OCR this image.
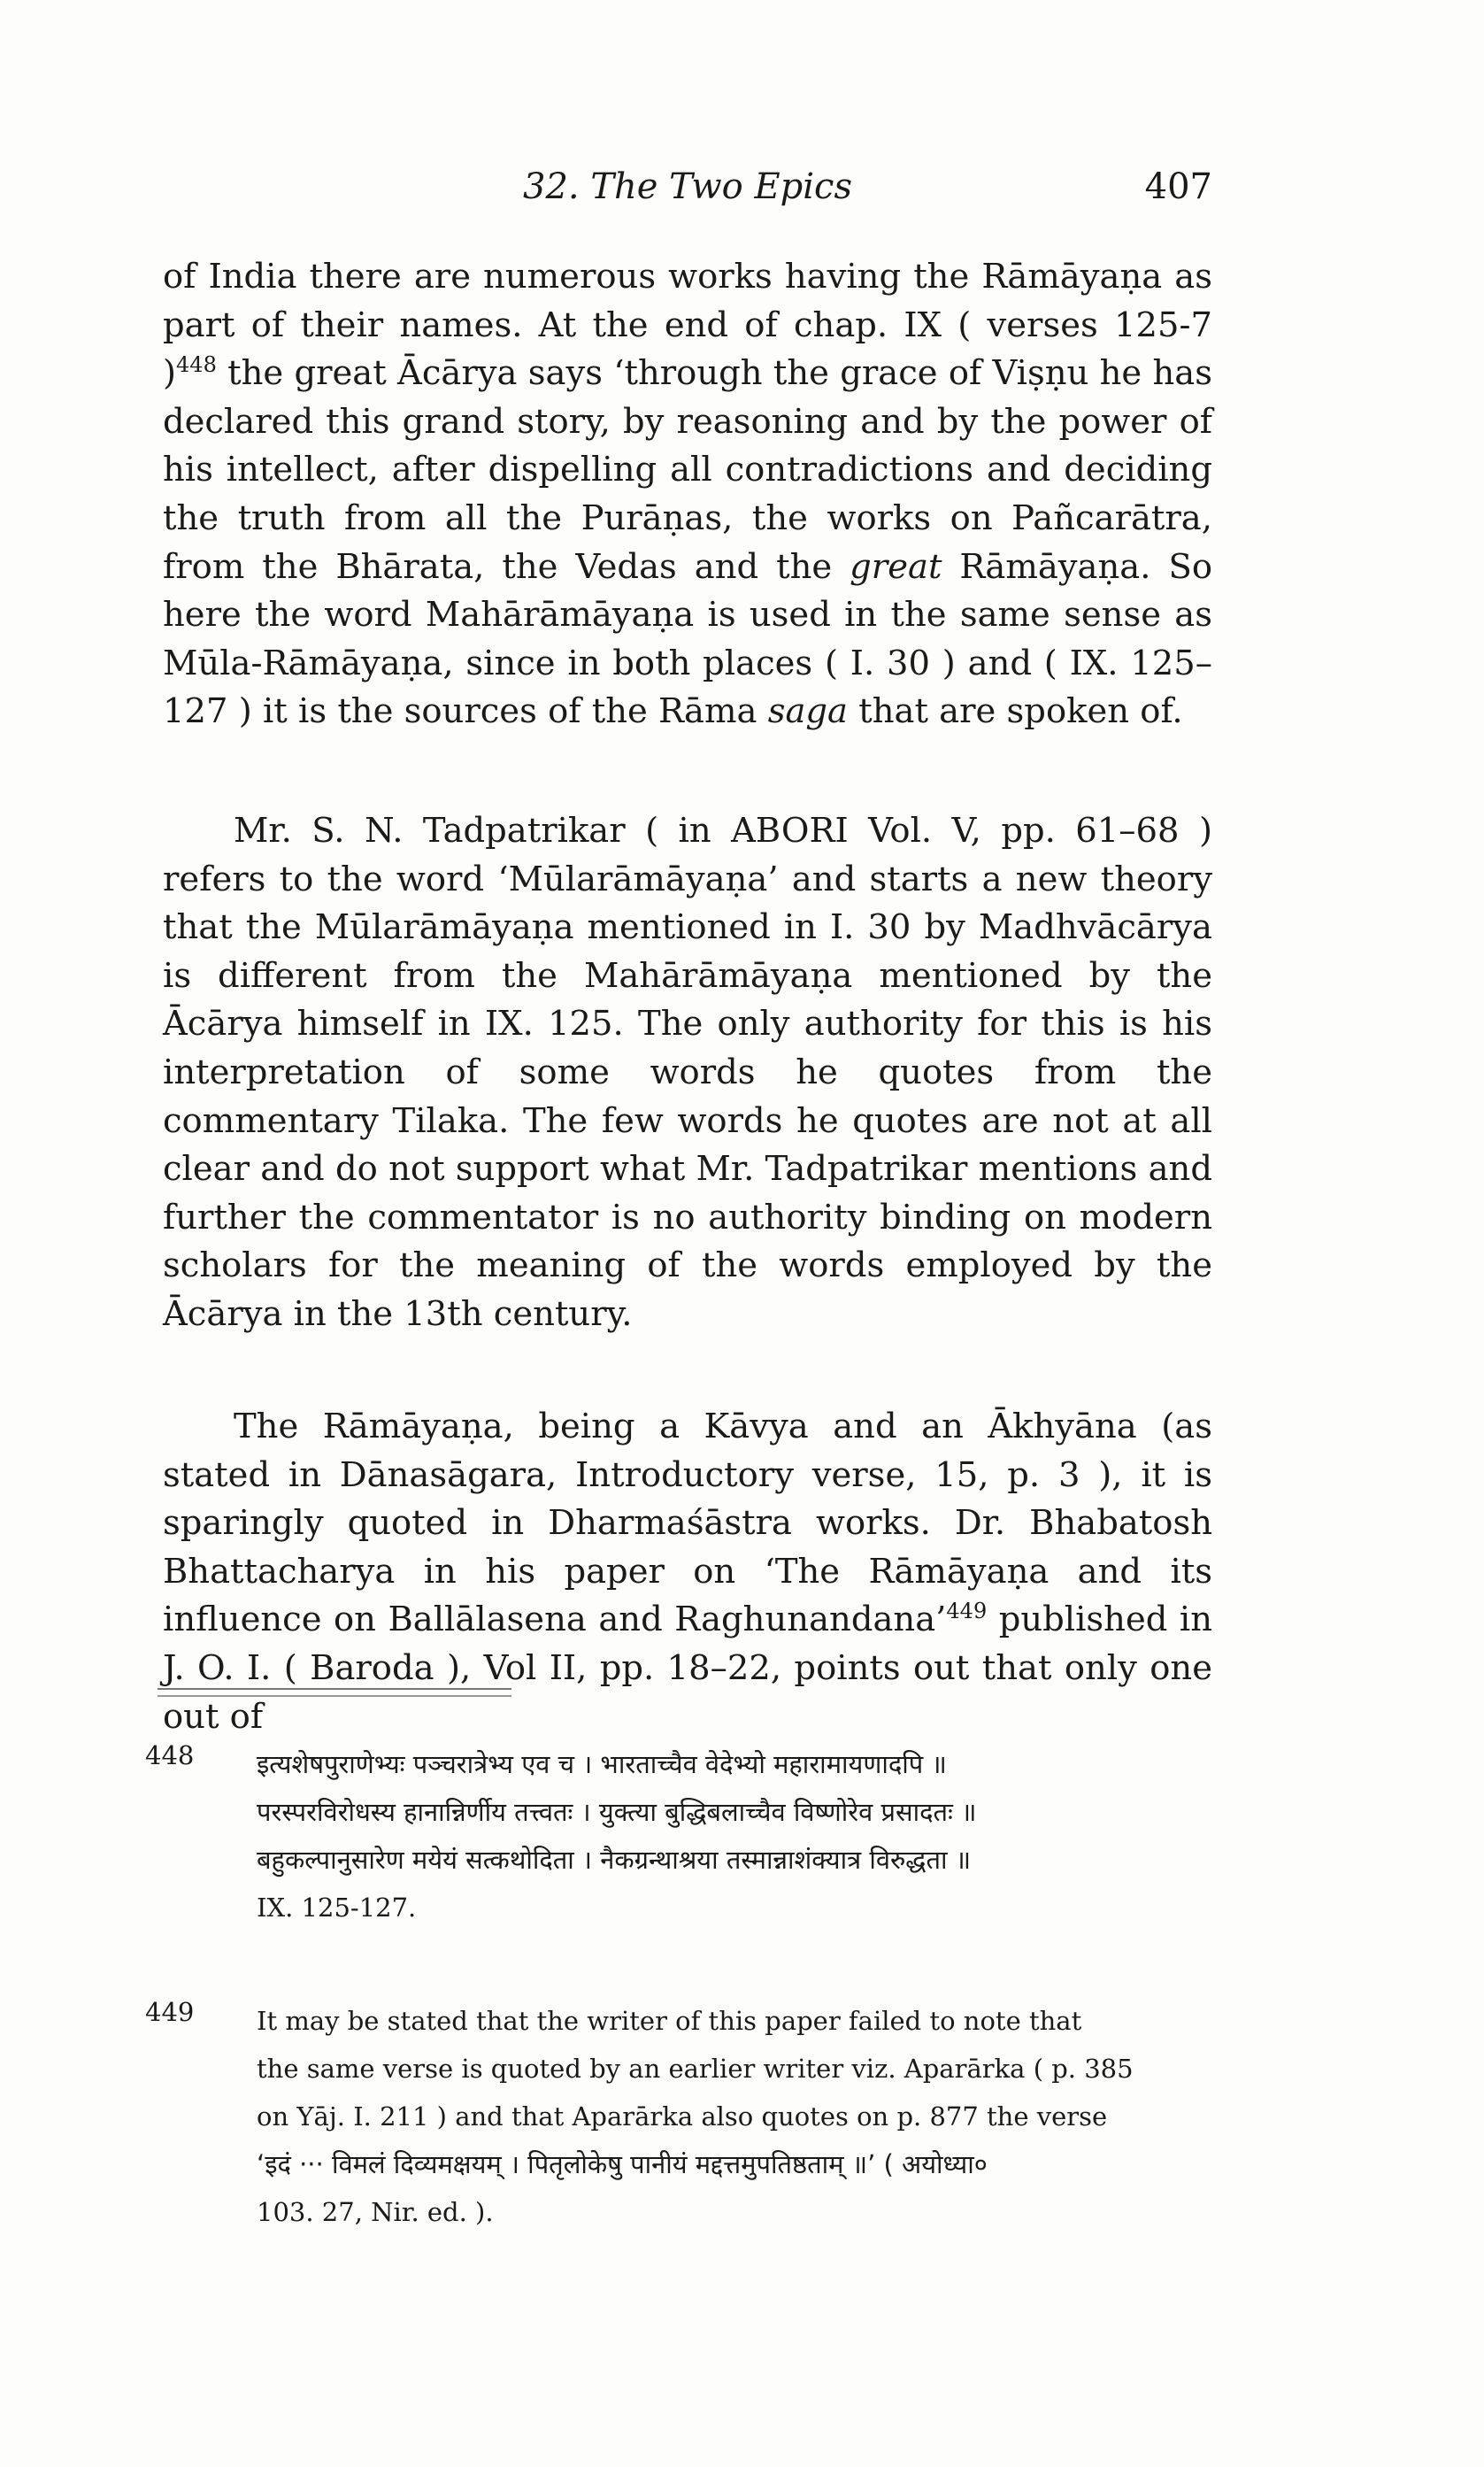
32. The Two Epics	407

of India there are numerous works having the Rāmāyaṇa as part of their names. At the end of chap. IX ( verses 125-7 )$^{448}$ the great Ācārya says ‘through the grace of Viṣṇu he has declared this grand story, by reasoning and by the power of his intellect, after dispelling all contradictions and deciding the truth from all the Purāṇas, the works on Pañcarātra, from the Bhārata, the Vedas and the great Rāmāyaṇa. So here the word Mahārāmāyaṇa is used in the same sense as Mūla-Rāmāyaṇa, since in both places ( I. 30 ) and ( IX. 125–127 ) it is the sources of the Rāma saga that are spoken of.

Mr. S. N. Tadpatrikar ( in ABORI Vol. V, pp. 61–68 ) refers to the word ‘Mūlarāmāyaṇa’ and starts a new theory that the Mūlarāmāyaṇa mentioned in I. 30 by Madhvācārya is different from the Mahārāmāyaṇa mentioned by the Ācārya himself in IX. 125. The only authority for this is his interpretation of some words he quotes from the commentary Tilaka. The few words he quotes are not at all clear and do not support what Mr. Tadpatrikar mentions and further the commentator is no authority binding on modern scholars for the meaning of the words employed by the Ācārya in the 13th century.

The Rāmāyaṇa, being a Kāvya and an Ākhyāna (as stated in Dānasāgara, Introductory verse, 15, p. 3 ), it is sparingly quoted in Dharmaśāstra works. Dr. Bhabatosh Bhattacharya in his paper on ‘The Rāmāyaṇa and its influence on Ballālasena and Raghunandana’$^{449}$ published in J. O. I. ( Baroda ), Vol II, pp. 18–22, points out that only one out of

448 इत्यशेषपुराणेभ्यः पञ्चरात्रेभ्य एव च । भारताच्चैव वेदेभ्यो महारामायणादपि ॥
परस्परविरोधस्य हानान्निर्णीय तत्त्वतः । युक्त्या बुद्धिबलाच्चैव विष्णोरेव प्रसादतः ॥
बहुकल्पानुसारेण मयेयं सत्कथोदिता । नैकग्रन्थाश्रया तस्मान्नाशंक्यात्र विरुद्धता ॥
IX. 125-127.
449 It may be stated that the writer of this paper failed to note that
the same verse is quoted by an earlier writer viz. Aparārka ( p. 385
on Yāj. I. 211 ) and that Aparārka also quotes on p. 877 the verse
‘इदं ··· विमलं दिव्यमक्षयम् । पितृलोकेषु पानीयं मद्दत्तमुपतिष्ठताम् ॥’ ( अयोध्या०
103. 27, Nir. ed. ).
